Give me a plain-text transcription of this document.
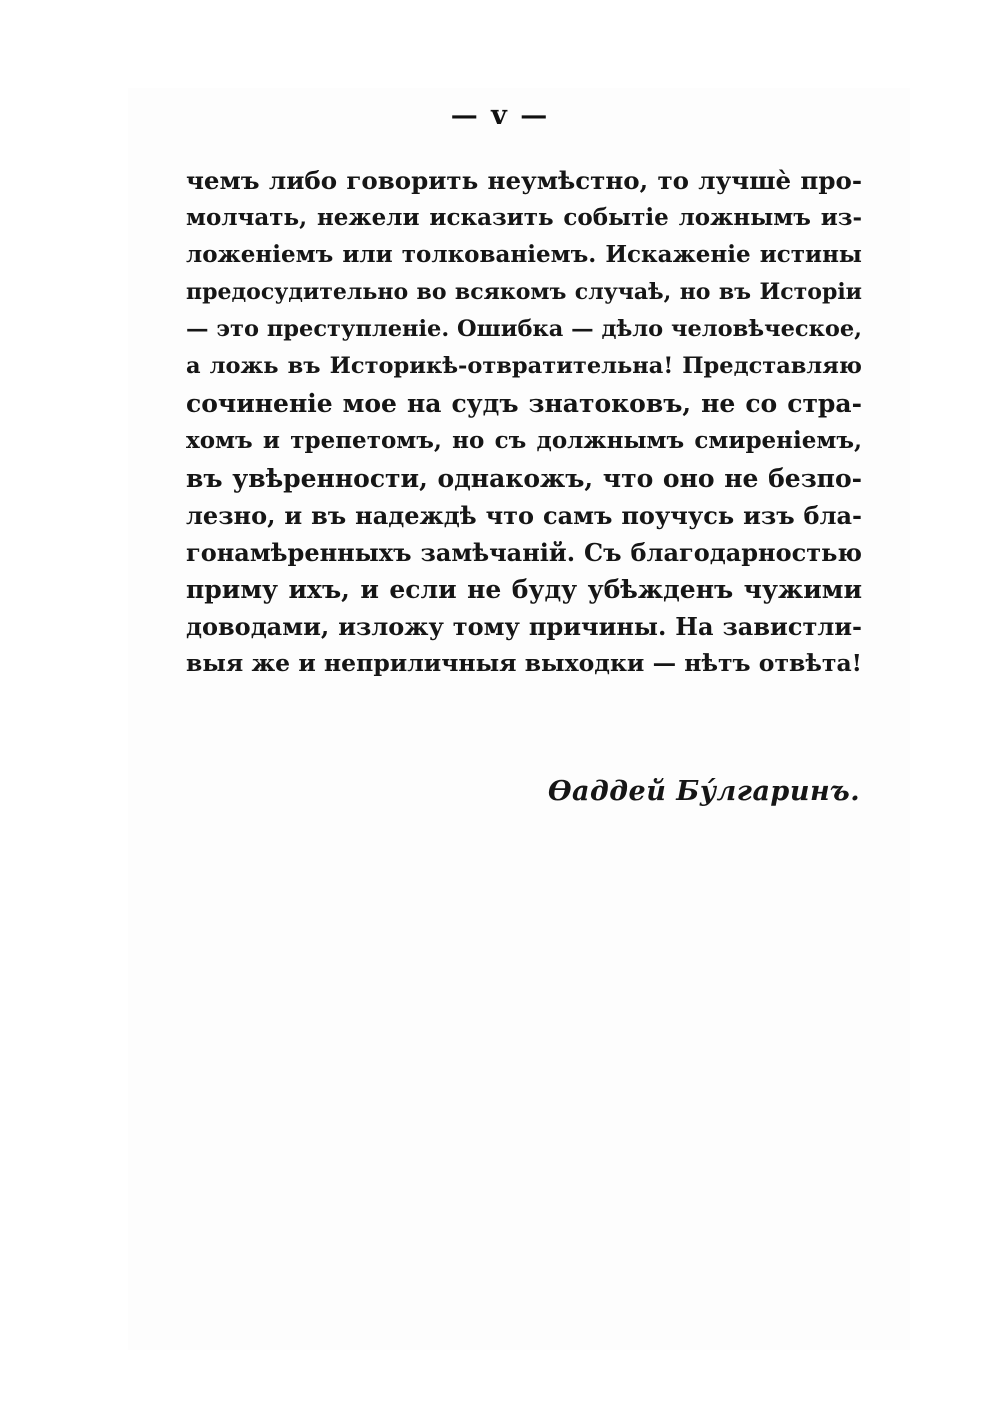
— v —
чемъ либо говорить неумѣстно, то лучшѐ про-
молчать, нежели исказить событіе ложнымъ из-
ложеніемъ или толкованіемъ. Искаженіе истины
предосудительно во всякомъ случаѣ, но въ Исторіи
— это преступленіе. Ошибка — дѣло человѣческое,
а ложь въ Историкѣ-отвратительна! Представляю
сочиненіе мое на судъ знатоковъ, не со стра-
хомъ и трепетомъ, но съ должнымъ смиреніемъ,
въ увѣренности, однакожъ, что оно не безпо-
лезно, и въ надеждѣ что самъ поучусь изъ бла-
гонамѣренныхъ замѣчаній. Съ благодарностью
приму ихъ, и если не буду убѣжденъ чужими
доводами, изложу тому причины. На завистли-
выя же и неприличныя выходки — нѣтъ отвѣта!
Ѳаддей Бу́лгаринъ.
